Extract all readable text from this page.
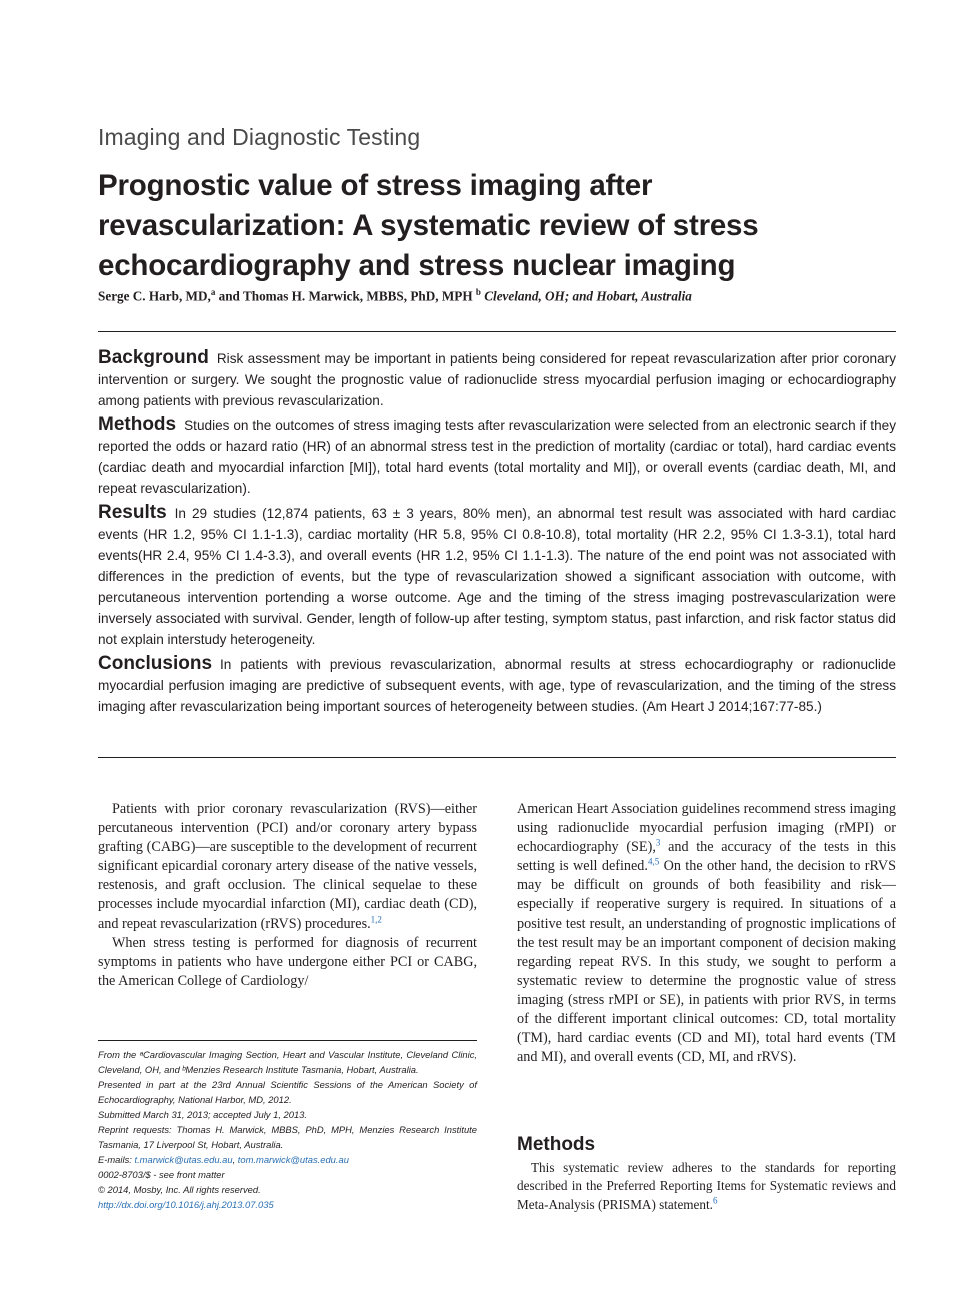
Imaging and Diagnostic Testing
Prognostic value of stress imaging after revascularization: A systematic review of stress echocardiography and stress nuclear imaging
Serge C. Harb, MD,$^a$ and Thomas H. Marwick, MBBS, PhD, MPH $^b$ Cleveland, OH; and Hobart, Australia

Background Risk assessment may be important in patients being considered for repeat revascularization after prior coronary intervention or surgery. We sought the prognostic value of radionuclide stress myocardial perfusion imaging or echocardiography among patients with previous revascularization.

Methods Studies on the outcomes of stress imaging tests after revascularization were selected from an electronic search if they reported the odds or hazard ratio (HR) of an abnormal stress test in the prediction of mortality (cardiac or total), hard cardiac events (cardiac death and myocardial infarction [MI]), total hard events (total mortality and MI]), or overall events (cardiac death, MI, and repeat revascularization).

Results In 29 studies (12,874 patients, 63 ± 3 years, 80% men), an abnormal test result was associated with hard cardiac events (HR 1.2, 95% CI 1.1-1.3), cardiac mortality (HR 5.8, 95% CI 0.8-10.8), total mortality (HR 2.2, 95% CI 1.3-3.1), total hard events(HR 2.4, 95% CI 1.4-3.3), and overall events (HR 1.2, 95% CI 1.1-1.3). The nature of the end point was not associated with differences in the prediction of events, but the type of revascularization showed a significant association with outcome, with percutaneous intervention portending a worse outcome. Age and the timing of the stress imaging postrevascularization were inversely associated with survival. Gender, length of follow-up after testing, symptom status, past infarction, and risk factor status did not explain interstudy heterogeneity.

Conclusions In patients with previous revascularization, abnormal results at stress echocardiography or radionuclide myocardial perfusion imaging are predictive of subsequent events, with age, type of revascularization, and the timing of the stress imaging after revascularization being important sources of heterogeneity between studies. (Am Heart J 2014;167:77-85.)

Patients with prior coronary revascularization (RVS)—either percutaneous intervention (PCI) and/or coronary artery bypass grafting (CABG)—are susceptible to the development of recurrent significant epicardial coronary artery disease of the native vessels, restenosis, and graft occlusion. The clinical sequelae to these processes include myocardial infarction (MI), cardiac death (CD), and repeat revascularization (rRVS) procedures.$^{1,2}$

When stress testing is performed for diagnosis of recurrent symptoms in patients who have undergone either PCI or CABG, the American College of Cardiology/

From the ᵃCardiovascular Imaging Section, Heart and Vascular Institute, Cleveland Clinic, Cleveland, OH, and ᵇMenzies Research Institute Tasmania, Hobart, Australia.

Presented in part at the 23rd Annual Scientific Sessions of the American Society of Echocardiography, National Harbor, MD, 2012.

Submitted March 31, 2013; accepted July 1, 2013.

Reprint requests: Thomas H. Marwick, MBBS, PhD, MPH, Menzies Research Institute Tasmania, 17 Liverpool St, Hobart, Australia.

E-mails: t.marwick@utas.edu.au, tom.marwick@utas.edu.au

0002-8703/$ - see front matter

© 2014, Mosby, Inc. All rights reserved.

http://dx.doi.org/10.1016/j.ahj.2013.07.035

American Heart Association guidelines recommend stress imaging using radionuclide myocardial perfusion imaging (rMPI) or echocardiography (SE),$^3$ and the accuracy of the tests in this setting is well defined.$^{4,5}$ On the other hand, the decision to rRVS may be difficult on grounds of both feasibility and risk—especially if reoperative surgery is required. In situations of a positive test result, an understanding of prognostic implications of the test result may be an important component of decision making regarding repeat RVS. In this study, we sought to perform a systematic review to determine the prognostic value of stress imaging (stress rMPI or SE), in patients with prior RVS, in terms of the different important clinical outcomes: CD, total mortality (TM), hard cardiac events (CD and MI), total hard events (TM and MI), and overall events (CD, MI, and rRVS).

Methods

This systematic review adheres to the standards for reporting described in the Preferred Reporting Items for Systematic reviews and Meta-Analysis (PRISMA) statement.$^6$
